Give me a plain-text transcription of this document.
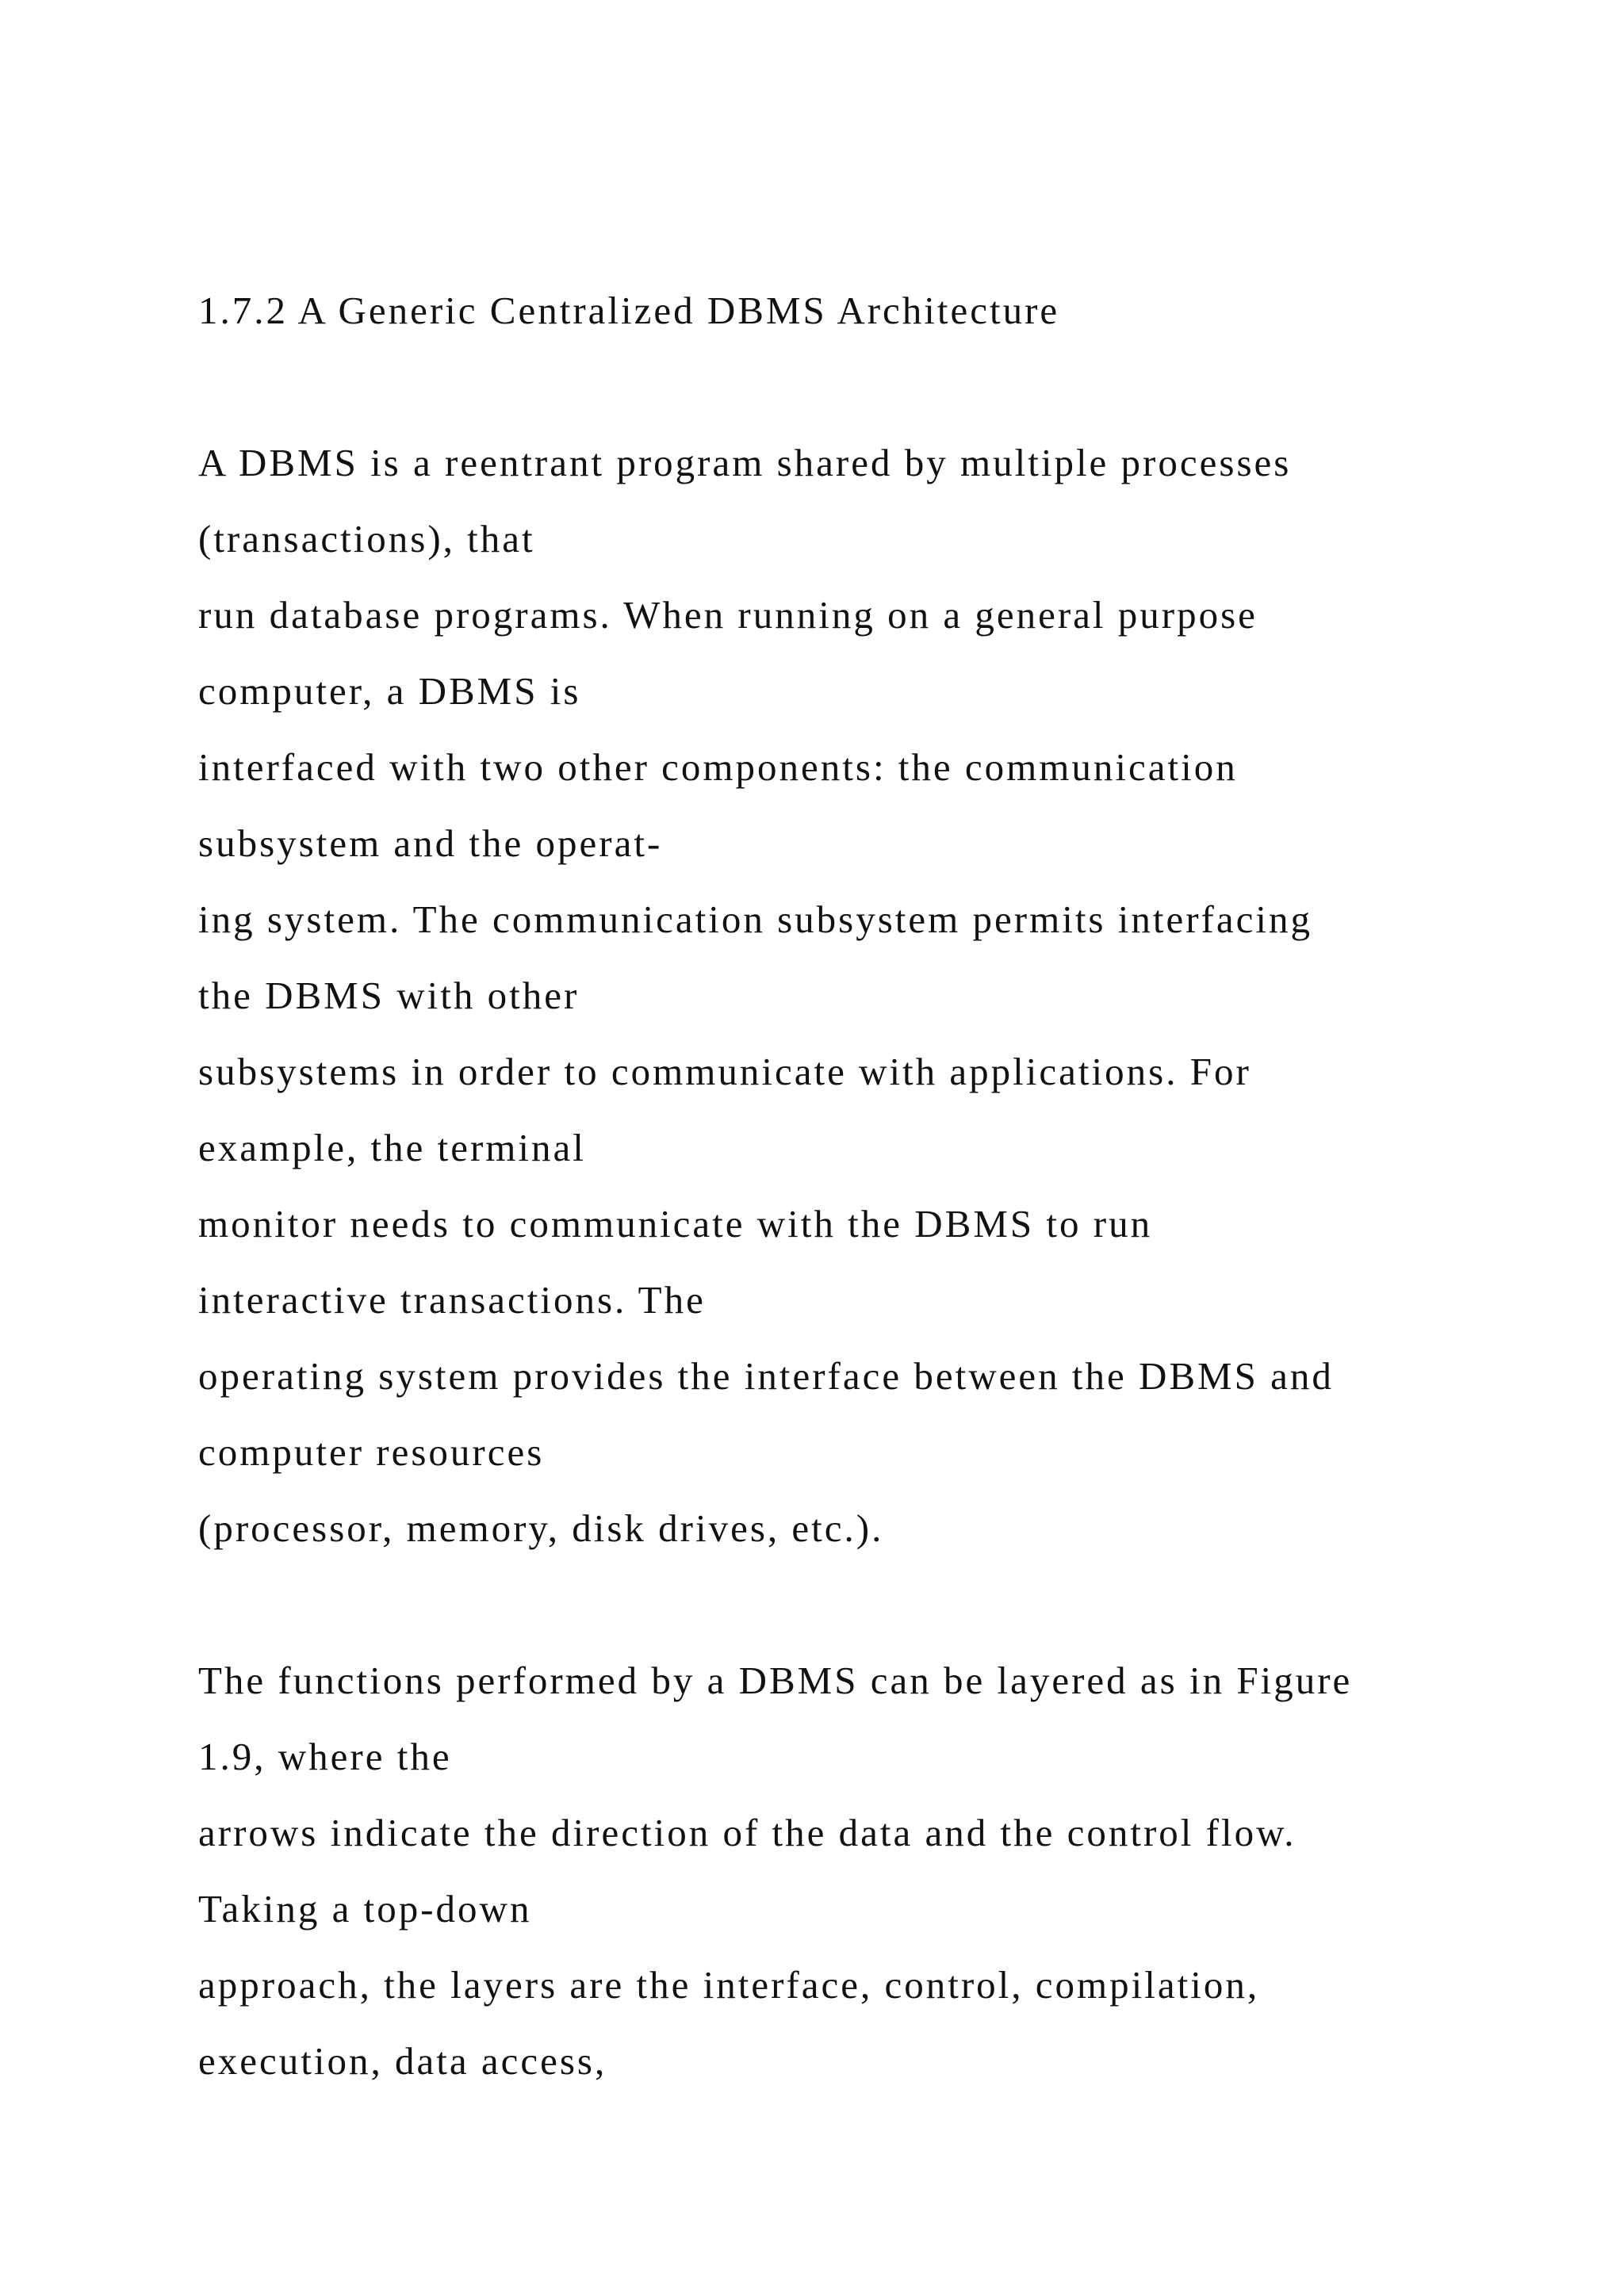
1.7.2 A Generic Centralized DBMS Architecture
A DBMS is a reentrant program shared by multiple processes
(transactions), that
run database programs. When running on a general purpose
computer, a DBMS is
interfaced with two other components: the communication
subsystem and the operat-
ing system. The communication subsystem permits interfacing
the DBMS with other
subsystems in order to communicate with applications. For
example, the terminal
monitor needs to communicate with the DBMS to run
interactive transactions. The
operating system provides the interface between the DBMS and
computer resources
(processor, memory, disk drives, etc.).
The functions performed by a DBMS can be layered as in Figure
1.9, where the
arrows indicate the direction of the data and the control flow.
Taking a top-down
approach, the layers are the interface, control, compilation,
execution, data access,
